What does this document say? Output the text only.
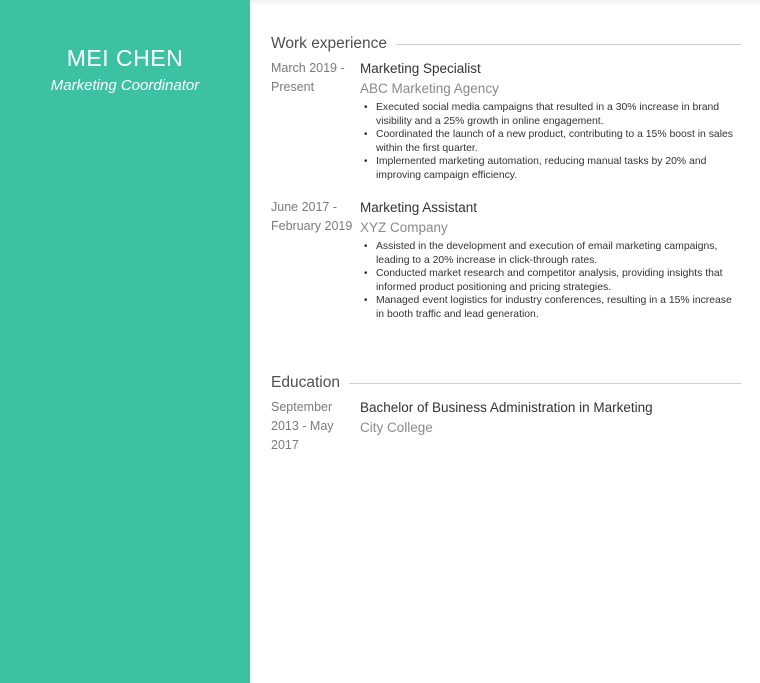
MEI CHEN
Marketing Coordinator
Work experience
March 2019 - Present
Marketing Specialist
ABC Marketing Agency
• Executed social media campaigns that resulted in a 30% increase in brand visibility and a 25% growth in online engagement.
• Coordinated the launch of a new product, contributing to a 15% boost in sales within the first quarter.
• Implemented marketing automation, reducing manual tasks by 20% and improving campaign efficiency.
June 2017 - February 2019
Marketing Assistant
XYZ Company
• Assisted in the development and execution of email marketing campaigns, leading to a 20% increase in click-through rates.
• Conducted market research and competitor analysis, providing insights that informed product positioning and pricing strategies.
• Managed event logistics for industry conferences, resulting in a 15% increase in booth traffic and lead generation.
Education
September 2013 - May 2017
Bachelor of Business Administration in Marketing
City College
